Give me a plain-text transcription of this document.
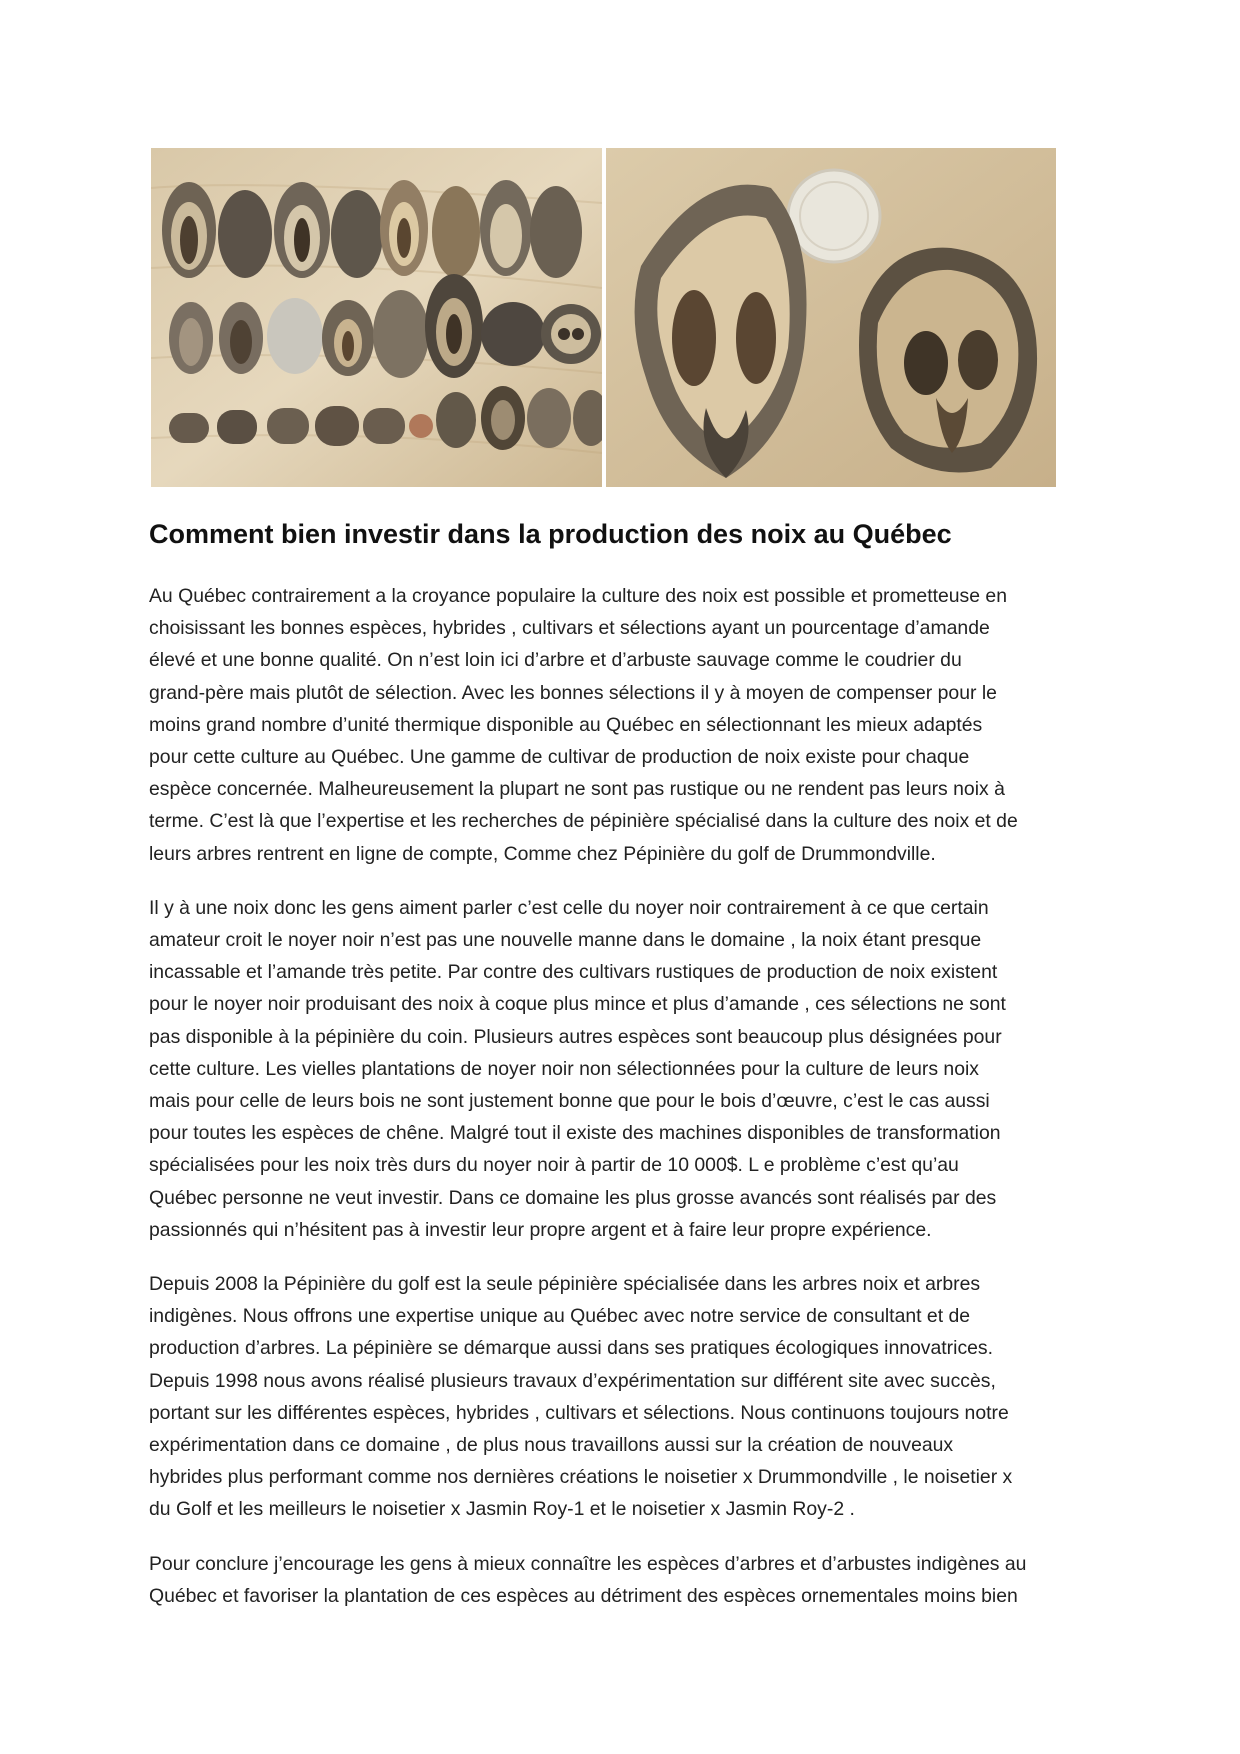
Comment bien investir dans la production des noix au Québec

Au Québec contrairement a la croyance populaire la culture des noix est possible et prometteuse en
choisissant les bonnes espèces, hybrides , cultivars et sélections ayant un pourcentage d’amande
élevé et une bonne qualité. On n’est loin ici d’arbre et d’arbuste sauvage comme le coudrier du
grand-père mais plutôt de sélection. Avec les bonnes sélections il y à moyen de compenser pour le
moins grand nombre d’unité thermique disponible au Québec en sélectionnant les mieux adaptés
pour cette culture au Québec. Une gamme de cultivar de production de noix existe pour chaque
espèce concernée. Malheureusement la plupart ne sont pas rustique ou ne rendent pas leurs noix à
terme. C’est là que l’expertise et les recherches de pépinière spécialisé dans la culture des noix et de
leurs arbres rentrent en ligne de compte, Comme chez Pépinière du golf de Drummondville.

Il y à une noix donc les gens aiment parler c’est celle du noyer noir contrairement à ce que certain
amateur croit le noyer noir n’est pas une nouvelle manne dans le domaine , la noix étant presque
incassable et l’amande très petite. Par contre des cultivars rustiques de production de noix existent
pour le noyer noir produisant des noix à coque plus mince et plus d’amande , ces sélections ne sont
pas disponible à la pépinière du coin. Plusieurs autres espèces sont beaucoup plus désignées pour
cette culture. Les vielles plantations de noyer noir non sélectionnées pour la culture de leurs noix
mais pour celle de leurs bois ne sont justement bonne que pour le bois d’œuvre, c’est le cas aussi
pour toutes les espèces de chêne. Malgré tout il existe des machines disponibles de transformation
spécialisées pour les noix très durs du noyer noir à partir de 10 000$. L e problème c’est qu’au
Québec personne ne veut investir. Dans ce domaine les plus grosse avancés sont réalisés par des
passionnés qui n’hésitent pas à investir leur propre argent et à faire leur propre expérience.

Depuis 2008 la Pépinière du golf est la seule pépinière spécialisée dans les arbres noix et arbres
indigènes. Nous offrons une expertise unique au Québec avec notre service de consultant et de
production d’arbres. La pépinière se démarque aussi dans ses pratiques écologiques innovatrices.
Depuis 1998 nous avons réalisé plusieurs travaux d’expérimentation sur différent site avec succès,
portant sur les différentes espèces, hybrides , cultivars et sélections. Nous continuons toujours notre
expérimentation dans ce domaine , de plus nous travaillons aussi sur la création de nouveaux
hybrides plus performant comme nos dernières créations le noisetier x Drummondville , le noisetier x
du Golf et les meilleurs le noisetier x Jasmin Roy-1 et le noisetier x Jasmin Roy-2 .

Pour conclure j’encourage les gens à mieux connaître les espèces d’arbres et d’arbustes indigènes au
Québec et favoriser la plantation de ces espèces au détriment des espèces ornementales moins bien
